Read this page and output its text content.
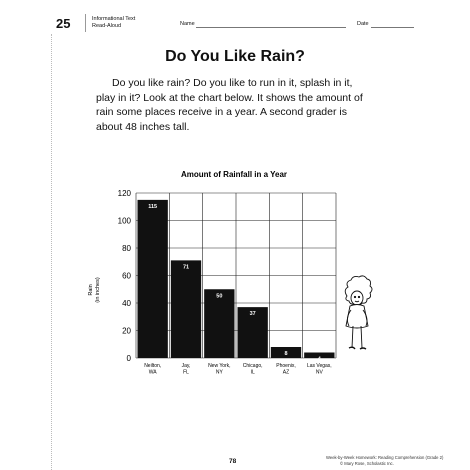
25	Informational Text
Read-Aloud	Name	Date
Do You Like Rain?

Do you like rain? Do you like to run in it, splash in it, play in it? Look at the chart below. It shows the amount of rain some places receive in a year. A second grader is about 48 inches tall.

Amount of Rainfall in a Year
0
20
40
60
80
100
120
115
71
50
37
8
4
Neilton,
WA
Jay,
FL
New York,
NY
Chicago,
IL
Phoenix,
AZ
Las Vegas,
NV
Rain (in inches)
78
Week-by-Week Homework: Reading Comprehension (Grade 2)
© Mary Rose, Scholastic Inc.
